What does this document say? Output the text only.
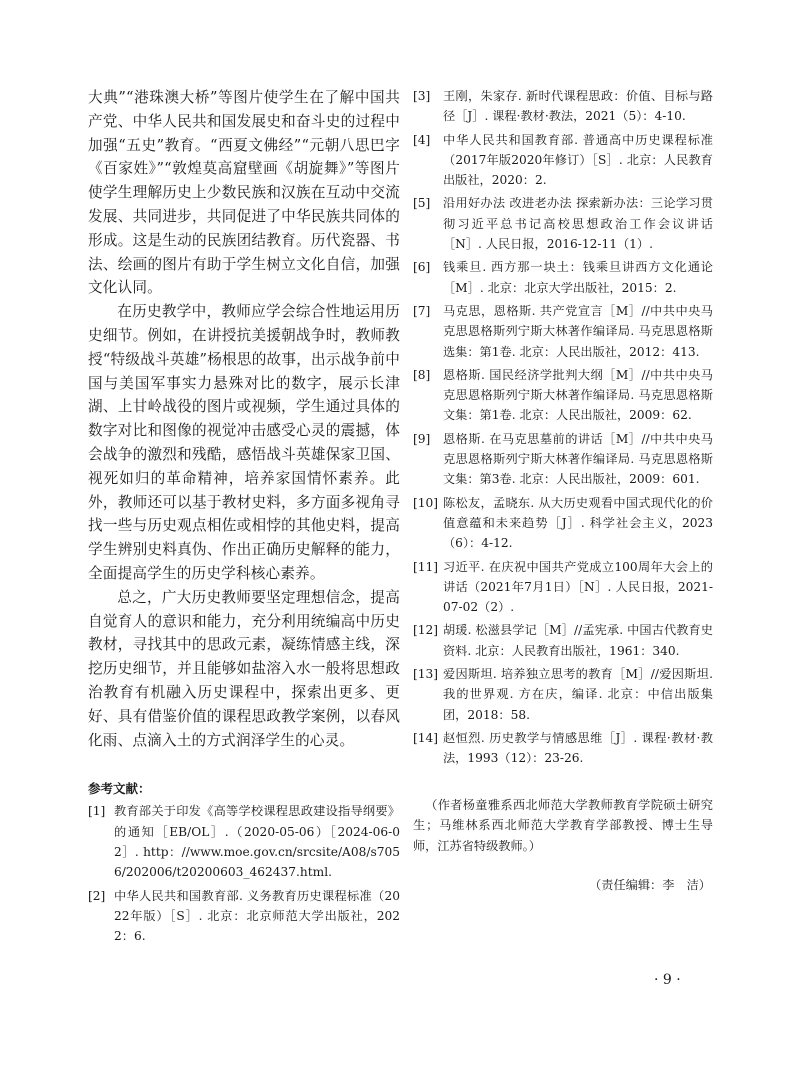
大典”“港珠澳大桥”等图片使学生在了解中国共产党、中华人民共和国发展史和奋斗史的过程中加强“五史”教育。“西夏文佛经”“元朝八思巴字《百家姓》”“敦煌莫高窟壁画《胡旋舞》”等图片使学生理解历史上少数民族和汉族在互动中交流发展、共同进步，共同促进了中华民族共同体的形成。这是生动的民族团结教育。历代瓷器、书法、绘画的图片有助于学生树立文化自信，加强文化认同。

在历史教学中，教师应学会综合性地运用历史细节。例如，在讲授抗美援朝战争时，教师教授“特级战斗英雄”杨根思的故事，出示战争前中国与美国军事实力悬殊对比的数字，展示长津湖、上甘岭战役的图片或视频，学生通过具体的数字对比和图像的视觉冲击感受心灵的震撼，体会战争的激烈和残酷，感悟战斗英雄保家卫国、视死如归的革命精神，培养家国情怀素养。此外，教师还可以基于教材史料，多方面多视角寻找一些与历史观点相佐或相悖的其他史料，提高学生辨别史料真伪、作出正确历史解释的能力，全面提高学生的历史学科核心素养。

总之，广大历史教师要坚定理想信念，提高自觉育人的意识和能力，充分利用统编高中历史教材，寻找其中的思政元素，凝练情感主线，深挖历史细节，并且能够如盐溶入水一般将思想政治教育有机融入历史课程中，探索出更多、更好、具有借鉴价值的课程思政教学案例，以春风化雨、点滴入土的方式润泽学生的心灵。

参考文献：
[1] 教育部关于印发《高等学校课程思政建设指导纲要》的通知［EB/OL］.（2020-05-06）［2024-06-02］. http：//www.moe.gov.cn/srcsite/A08/s7056/202006/t20200603_462437.html.
[2] 中华人民共和国教育部. 义务教育历史课程标准（2022年版）［S］. 北京：北京师范大学出版社，2022：6.
[3]	王刚，朱家存. 新时代课程思政：价值、目标与路径［J］. 课程·教材·教法，2021（5）：4-10.
[4]	中华人民共和国教育部. 普通高中历史课程标准（2017年版2020年修订）［S］. 北京：人民教育出版社，2020：2.
[5]	沿用好办法 改进老办法 探索新办法：三论学习贯彻习近平总书记高校思想政治工作会议讲话［N］. 人民日报，2016-12-11（1）.
[6]	钱乘旦. 西方那一块土：钱乘旦讲西方文化通论［M］. 北京：北京大学出版社，2015：2.
[7]	马克思，恩格斯. 共产党宣言［M］//中共中央马克思恩格斯列宁斯大林著作编译局. 马克思恩格斯选集：第1卷. 北京：人民出版社，2012：413.
[8]	恩格斯. 国民经济学批判大纲［M］//中共中央马克思恩格斯列宁斯大林著作编译局. 马克思恩格斯文集：第1卷. 北京：人民出版社，2009：62.
[9]	恩格斯. 在马克思墓前的讲话［M］//中共中央马克思恩格斯列宁斯大林著作编译局. 马克思恩格斯文集：第3卷. 北京：人民出版社，2009：601.
[10] 陈松友，孟晓东. 从大历史观看中国式现代化的价值意蕴和未来趋势［J］. 科学社会主义，2023（6）：4-12.
[11] 习近平. 在庆祝中国共产党成立100周年大会上的讲话（2021年7月1日）［N］. 人民日报，2021-07-02（2）.
[12] 胡瑗. 松滋县学记［M］//孟宪承. 中国古代教育史资料. 北京：人民教育出版社，1961：340.
[13] 爱因斯坦. 培养独立思考的教育［M］//爱因斯坦. 我的世界观. 方在庆，编译. 北京：中信出版集团，2018：58.
[14] 赵恒烈. 历史教学与情感思维［J］. 课程·教材·教法，1993（12）：23-26.

（作者杨童雅系西北师范大学教师教育学院硕士研究生；马维林系西北师范大学教育学部教授、博士生导师，江苏省特级教师。）

（责任编辑：李　洁）
· 9 ·
